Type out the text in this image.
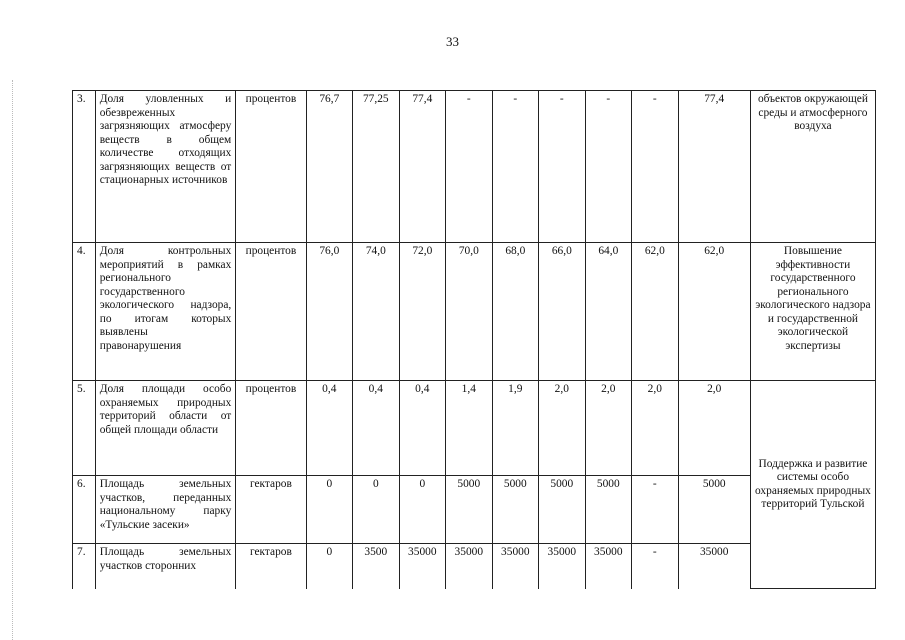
33
3.	Доля уловленных и обезвреженных загрязняющих атмосферу веществ в общем количестве отходящих загрязняющих веществ от стационарных источников	процентов	76,7	77,25	77,4	-	-	-	-	-	77,4	объектов окружающей среды и атмосферного воздуха
4.	Доля контрольных мероприятий в рамках регионального государственного экологического надзора, по итогам которых выявлены правонарушения	процентов	76,0	74,0	72,0	70,0	68,0	66,0	64,0	62,0	62,0	Повышение эффективности государственного регионального экологического надзора и государственной экологической экспертизы
5.	Доля площади особо охраняемых природных территорий области от общей площади области	процентов	0,4	0,4	0,4	1,4	1,9	2,0	2,0	2,0	2,0	Поддержка и развитие системы особо охраняемых природных территорий Тульской
6.	Площадь земельных участков, переданных национальному парку «Тульские засеки»	гектаров	0	0	0	5000	5000	5000	5000	-	5000	
7.	Площадь земельных участков сторонних	гектаров	0	3500	35000	35000	35000	35000	35000	-	35000	
